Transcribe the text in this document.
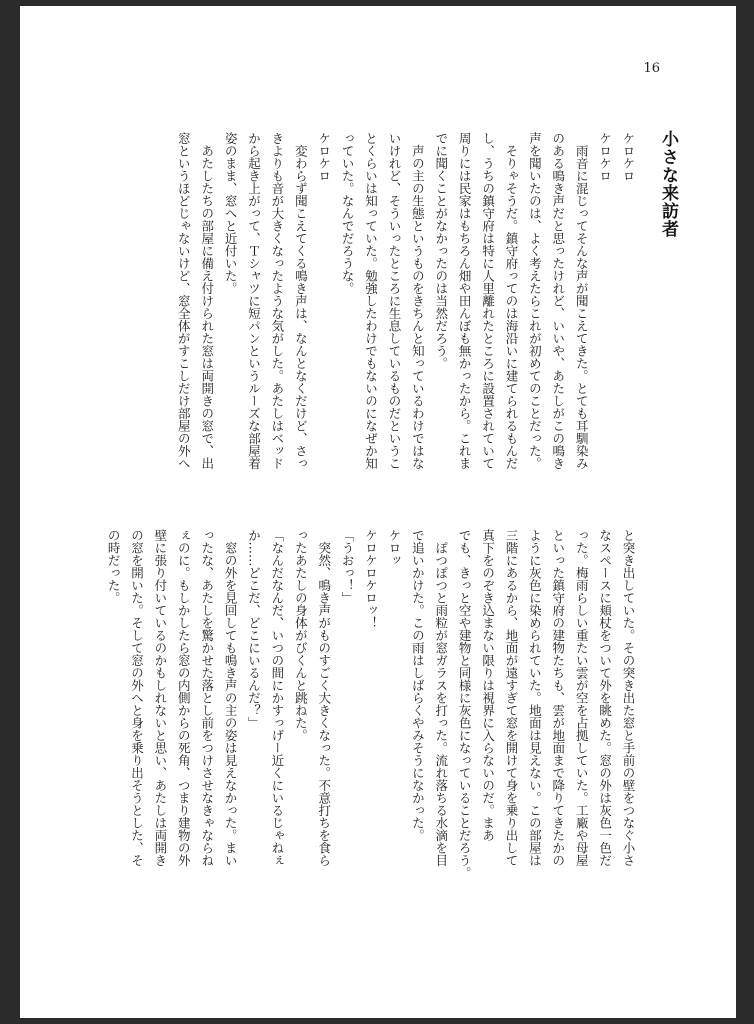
16
小さな来訪者

ケロケロ

ケロケロ

　雨音に混じってそんな声が聞こえてきた。とても耳馴染み

のある鳴き声だと思ったけれど、いいや、あたしがこの鳴き

声を聞いたのは、よく考えたらこれが初めてのことだった。

　そりゃそうだ。鎮守府ってのは海沿いに建てられるもんだ

し、うちの鎮守府は特に人里離れたところに設置されていて

周りには民家はもちろん畑や田んぼも無かったから。これま

でに聞くことがなかったのは当然だろう。

　声の主の生態というものをきちんと知っているわけではな

いけれど、そういったところに生息しているものだというこ

とくらいは知っていた。勉強したわけでもないのになぜか知

っていた。なんでだろうな。

ケロケロ

　変わらず聞こえてくる鳴き声は、なんとなくだけど、さっ

きよりも音が大きくなったような気がした。あたしはベッド

から起き上がって、Ｔシャツに短パンというルーズな部屋着

姿のまま、窓へと近付いた。

　あたしたちの部屋に備え付けられた窓は両開きの窓で、出

窓というほどじゃないけど、窓全体がすこしだけ部屋の外へ

と突き出していた。その突き出た窓と手前の壁をつなぐ小さ

なスペースに頬杖をついて外を眺めた。窓の外は灰色一色だ

った。梅雨らしい重たい雲が空を占拠していた。工廠や母屋

といった鎮守府の建物たちも、雲が地面まで降りてきたかの

ように灰色に染められていた。地面は見えない。この部屋は

三階にあるから、地面が遠すぎて窓を開けて身を乗り出して

真下をのぞき込まない限りは視界に入らないのだ。まあ

でも、きっと空や建物と同様に灰色になっていることだろう。

　ぽつぽつと雨粒が窓ガラスを打った。流れ落ちる水滴を目

で追いかけた。この雨はしばらくやみそうになかった。

ケロッ

ケロケロケロッ！

「うおっ！」

　突然、鳴き声がものすごく大きくなった。不意打ちを食ら

ったあたしの身体がびくんと跳ねた。

「なんだなんだ、いつの間にかすっげー近くにいるじゃねぇ

か……どこだ、どこにいるんだ？」

　窓の外を見回しても鳴き声の主の姿は見えなかった。まい

ったな、あたしを驚かせた落とし前をつけさせなきゃならね

ぇのに。もしかしたら窓の内側からの死角、つまり建物の外

壁に張り付いているのかもしれないと思い、あたしは両開き

の窓を開いた。そして窓の外へと身を乗り出そうとした、そ

の時だった。
